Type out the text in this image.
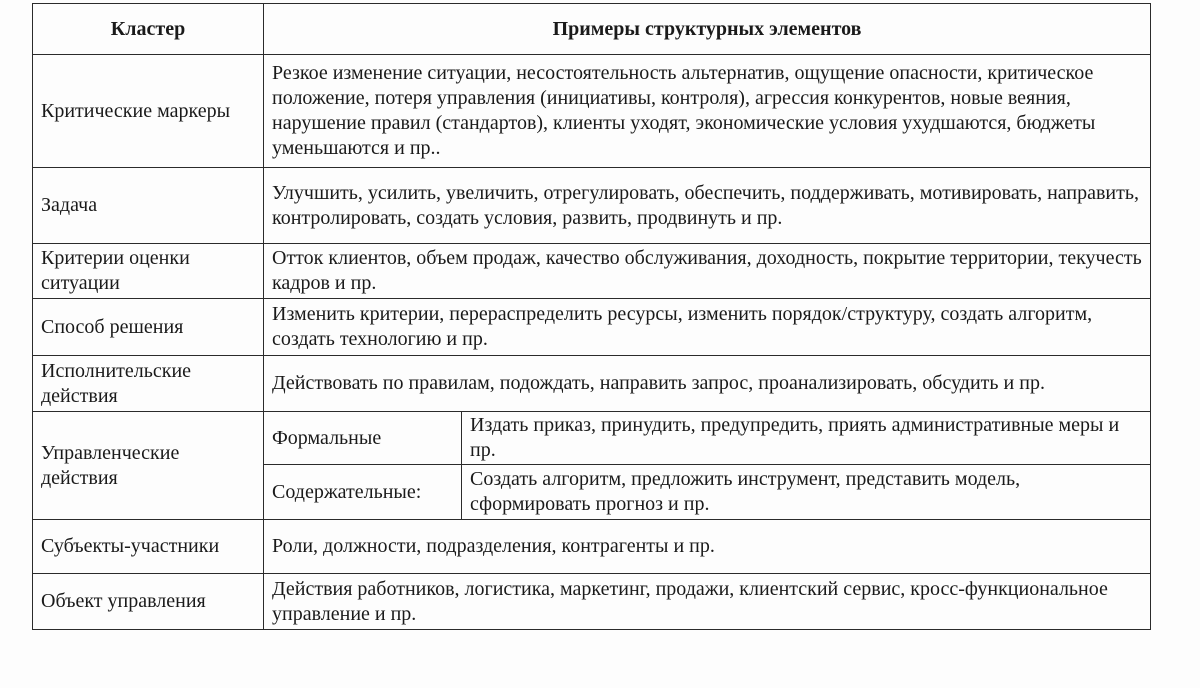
Кластер	Примеры структурных элементов	
Критические маркеры	Резкое изменение ситуации, несостоятельность альтернатив, ощущение опасности, критическое положение, потеря управления (инициативы, контроля), агрессия конкурентов, новые веяния, нарушение правил (стандартов), клиенты уходят, экономические условия ухудшаются, бюджеты уменьшаются и пр..	
Задача	Улучшить, усилить, увеличить, отрегулировать, обеспечить, поддерживать, мотивировать, направить, контролировать, создать условия, развить, продвинуть и пр.	
Критерии оценки ситуации	Отток клиентов, объем продаж, качество обслуживания, доходность, покрытие территории, текучесть кадров и пр.	
Способ решения	Изменить критерии, перераспределить ресурсы, изменить порядок/структуру, создать алгоритм, создать технологию и пр.	
Исполнительские действия	Действовать по правилам, подождать, направить запрос, проанализировать, обсудить и пр.	
Управленческие действия	Формальные	Издать приказ, принудить, предупредить, приять административные меры и пр.
	Содержательные:	Создать алгоритм, предложить инструмент, представить модель, сформировать прогноз и пр.
Субъекты-участники	Роли, должности, подразделения, контрагенты и пр.	
Объект управления	Действия работников, логистика, маркетинг, продажи, клиентский сервис, кросс-функциональное управление и пр.	
